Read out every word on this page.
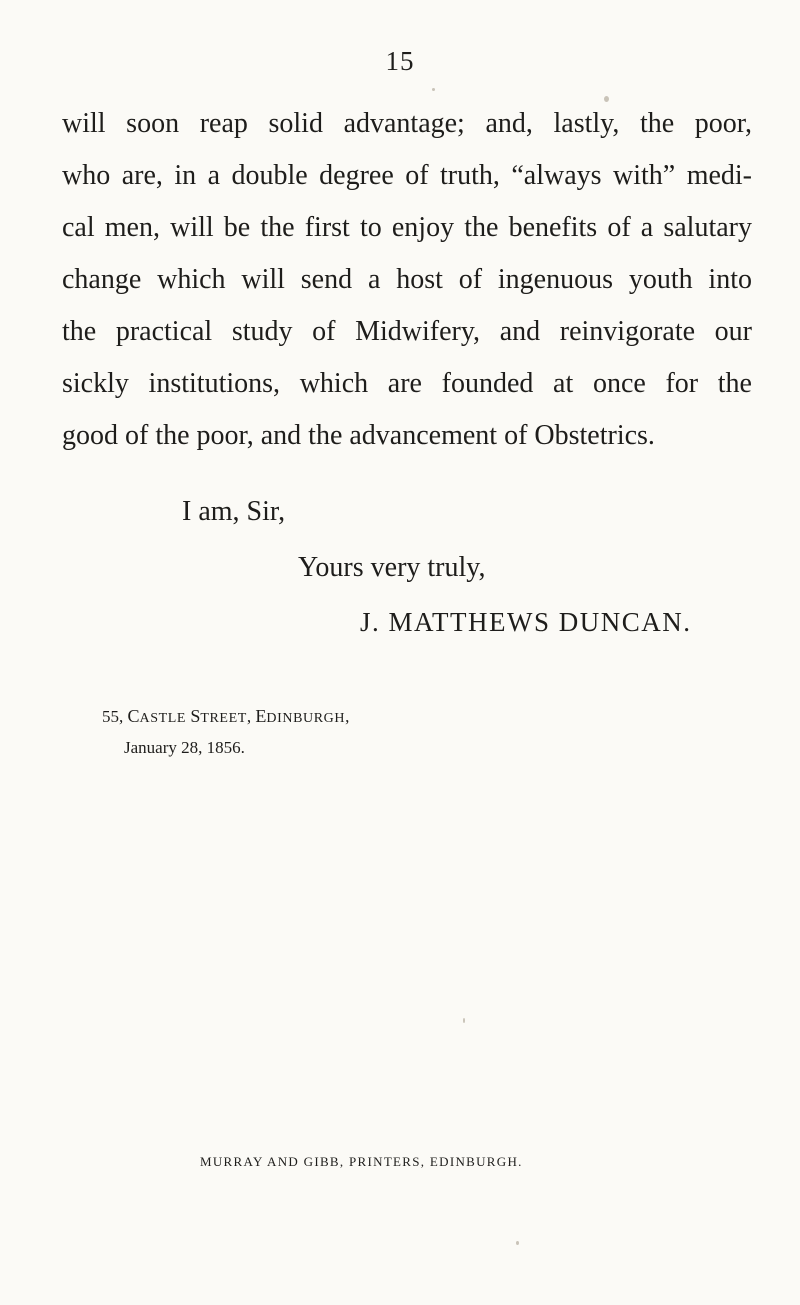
15
will soon reap solid advantage; and, lastly, the poor,
who are, in a double degree of truth, “always with” medi-
cal men, will be the first to enjoy the benefits of a salutary
change which will send a host of ingenuous youth into
the practical study of Midwifery, and reinvigorate our
sickly institutions, which are founded at once for the
good of the poor, and the advancement of Obstetrics.
I am, Sir,
Yours very truly,
J. MATTHEWS DUNCAN.
55, CASTLE STREET, EDINBURGH,
January 28, 1856.
MURRAY AND GIBB, PRINTERS, EDINBURGH.
